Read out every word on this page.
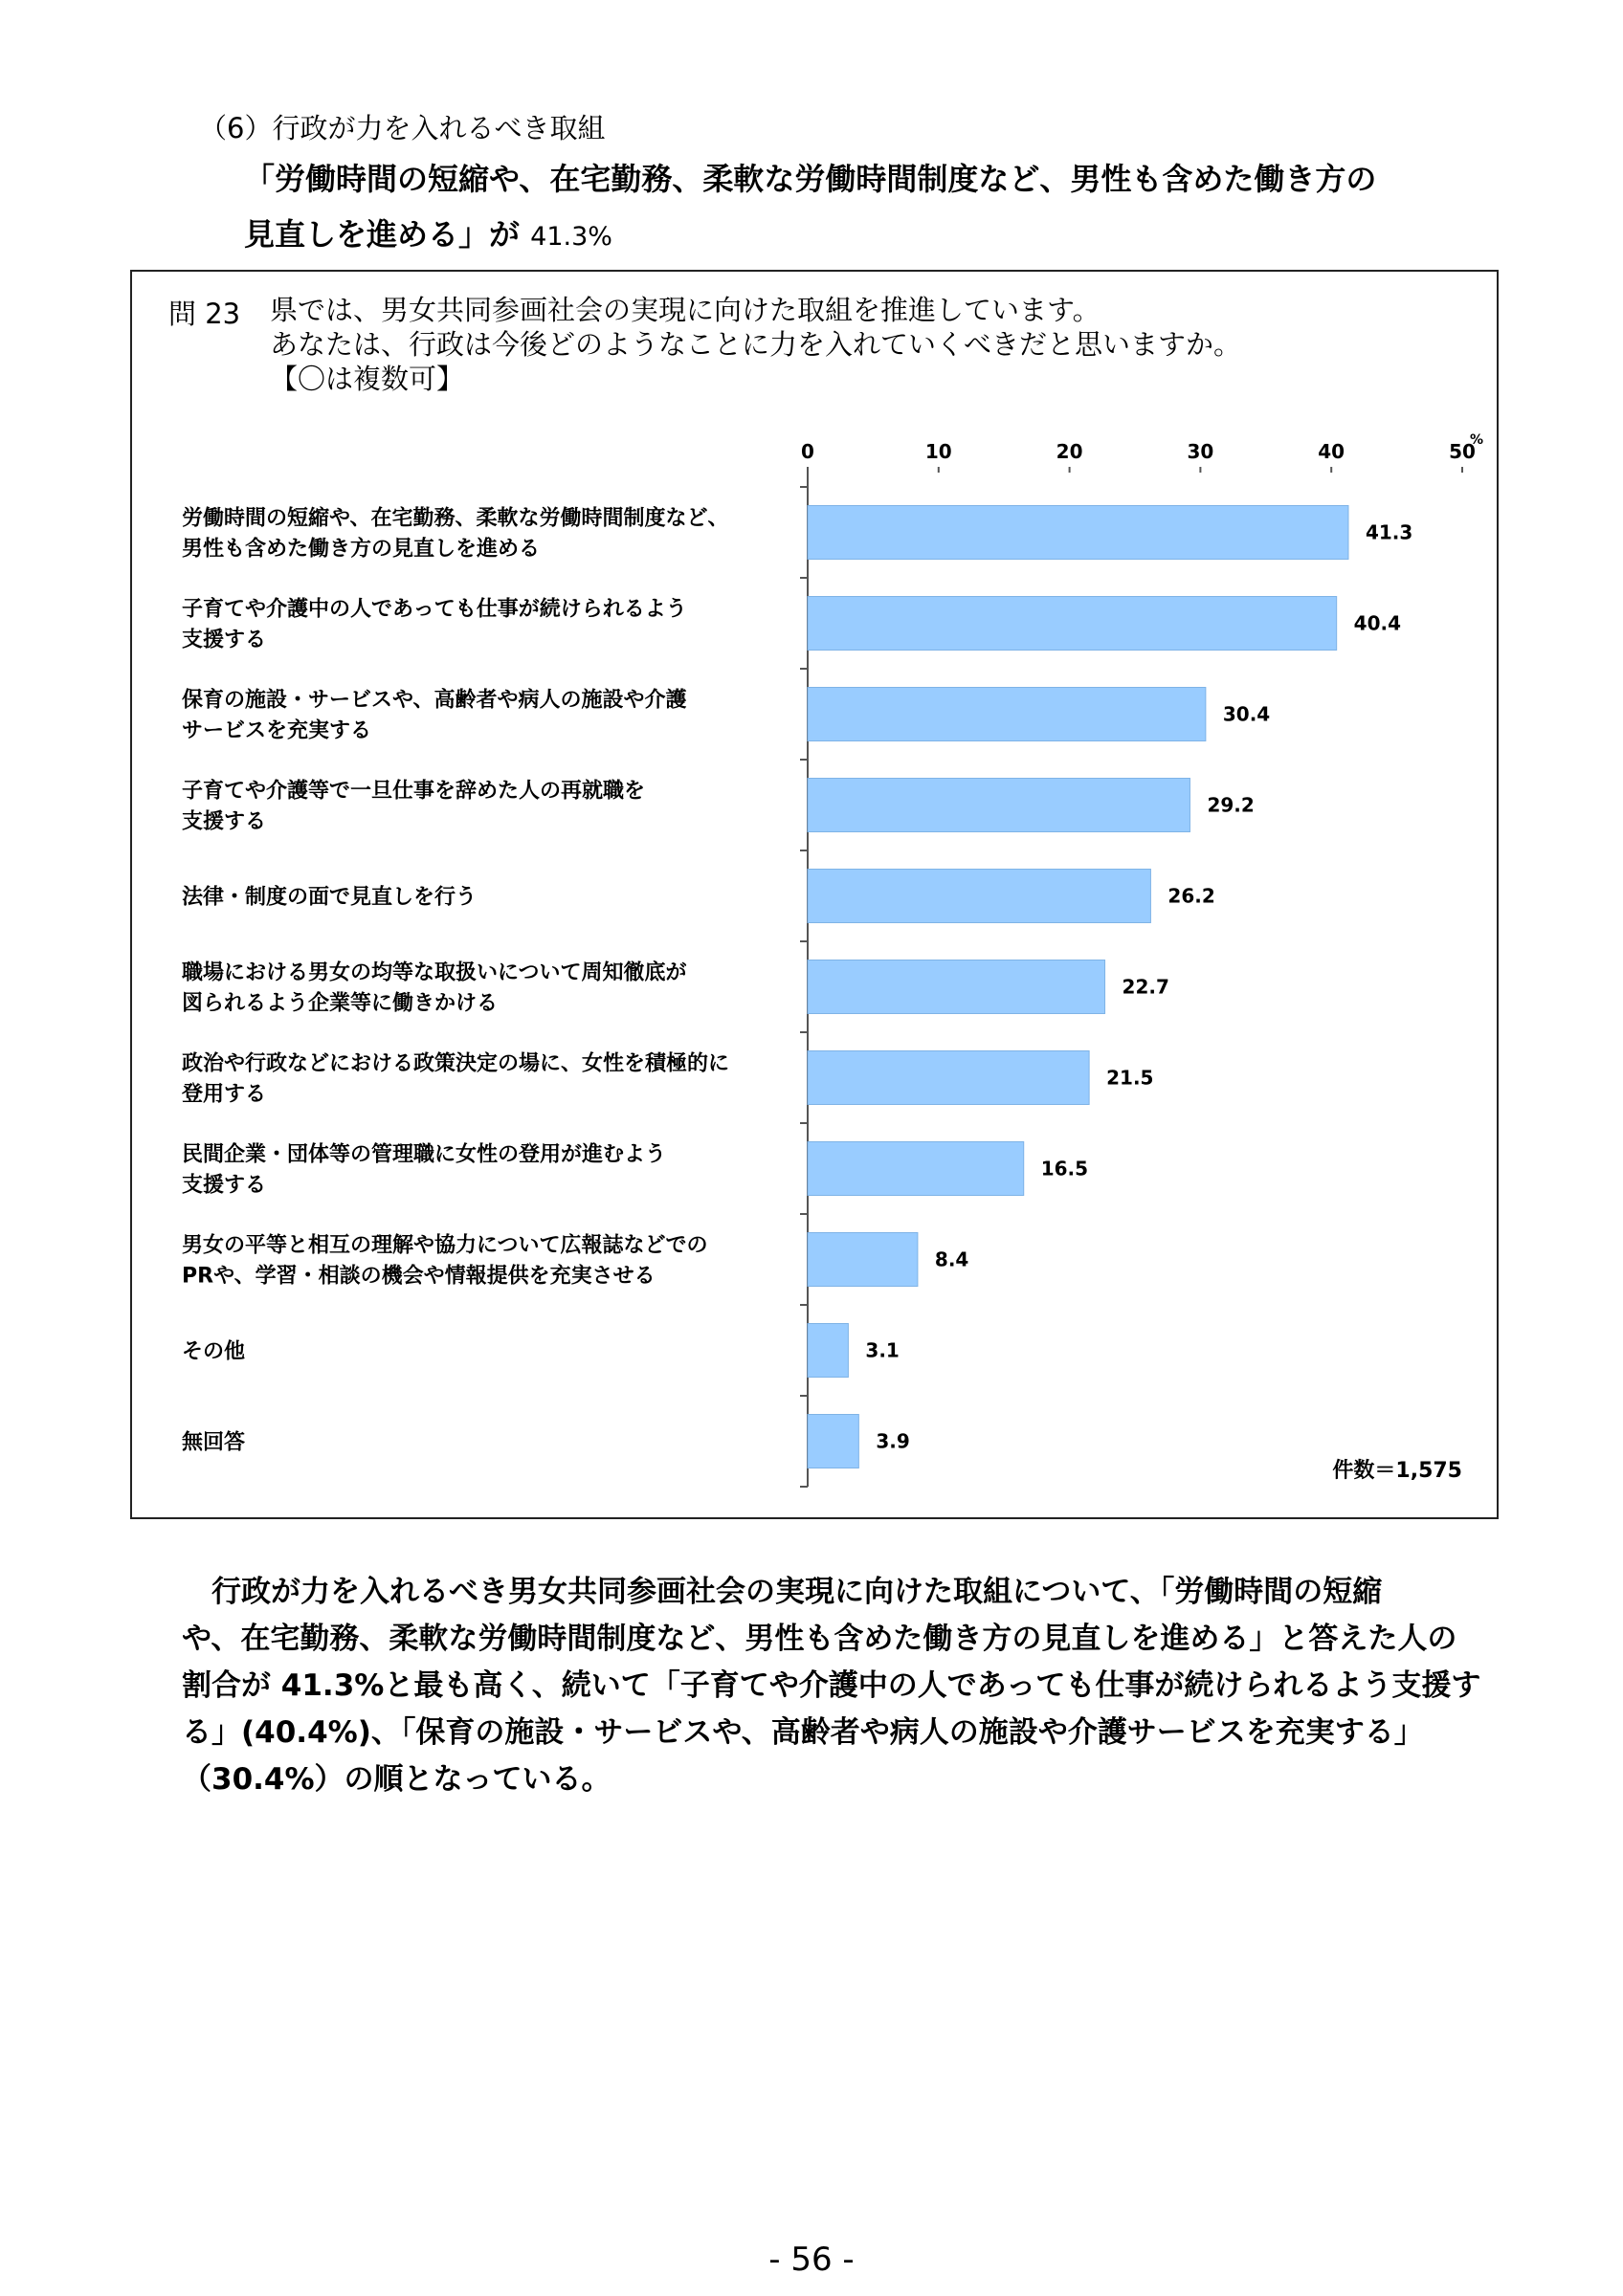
（6）行政が力を入れるべき取組
「労働時間の短縮や、在宅勤務、柔軟な労働時間制度など、男性も含めた働き方の
見直しを進める」が 41.3%
問 23 県では、男女共同参画社会の実現に向けた取組を推進しています。
あなたは、行政は今後どのようなことに力を入れていくべきだと思いますか。
【〇は複数可】
0	10	20	30	40	50
%
41.3
労働時間の短縮や、在宅勤務、柔軟な労働時間制度など、
男性も含めた働き方の見直しを進める
40.4
子育てや介護中の人であっても仕事が続けられるよう
支援する
30.4
保育の施設・サービスや、高齢者や病人の施設や介護
サービスを充実する
29.2
子育てや介護等で一旦仕事を辞めた人の再就職を
支援する
26.2
法律・制度の面で見直しを行う
22.7
職場における男女の均等な取扱いについて周知徹底が
図られるよう企業等に働きかける
21.5
政治や行政などにおける政策決定の場に、女性を積極的に
登用する
16.5
民間企業・団体等の管理職に女性の登用が進むよう
支援する
8.4
男女の平等と相互の理解や協力について広報誌などでの
PRや、学習・相談の機会や情報提供を充実させる
3.1
その他
3.9
無回答
件数＝1,575
　行政が力を入れるべき男女共同参画社会の実現に向けた取組について、「労働時間の短縮
や、在宅勤務、柔軟な労働時間制度など、男性も含めた働き方の見直しを進める」と答えた人の
割合が 41.3%と最も高く、続いて「子育てや介護中の人であっても仕事が続けられるよう支援す
る」(40.4%)、「保育の施設・サービスや、高齢者や病人の施設や介護サービスを充実する」
（30.4%）の順となっている。
- 56 -
